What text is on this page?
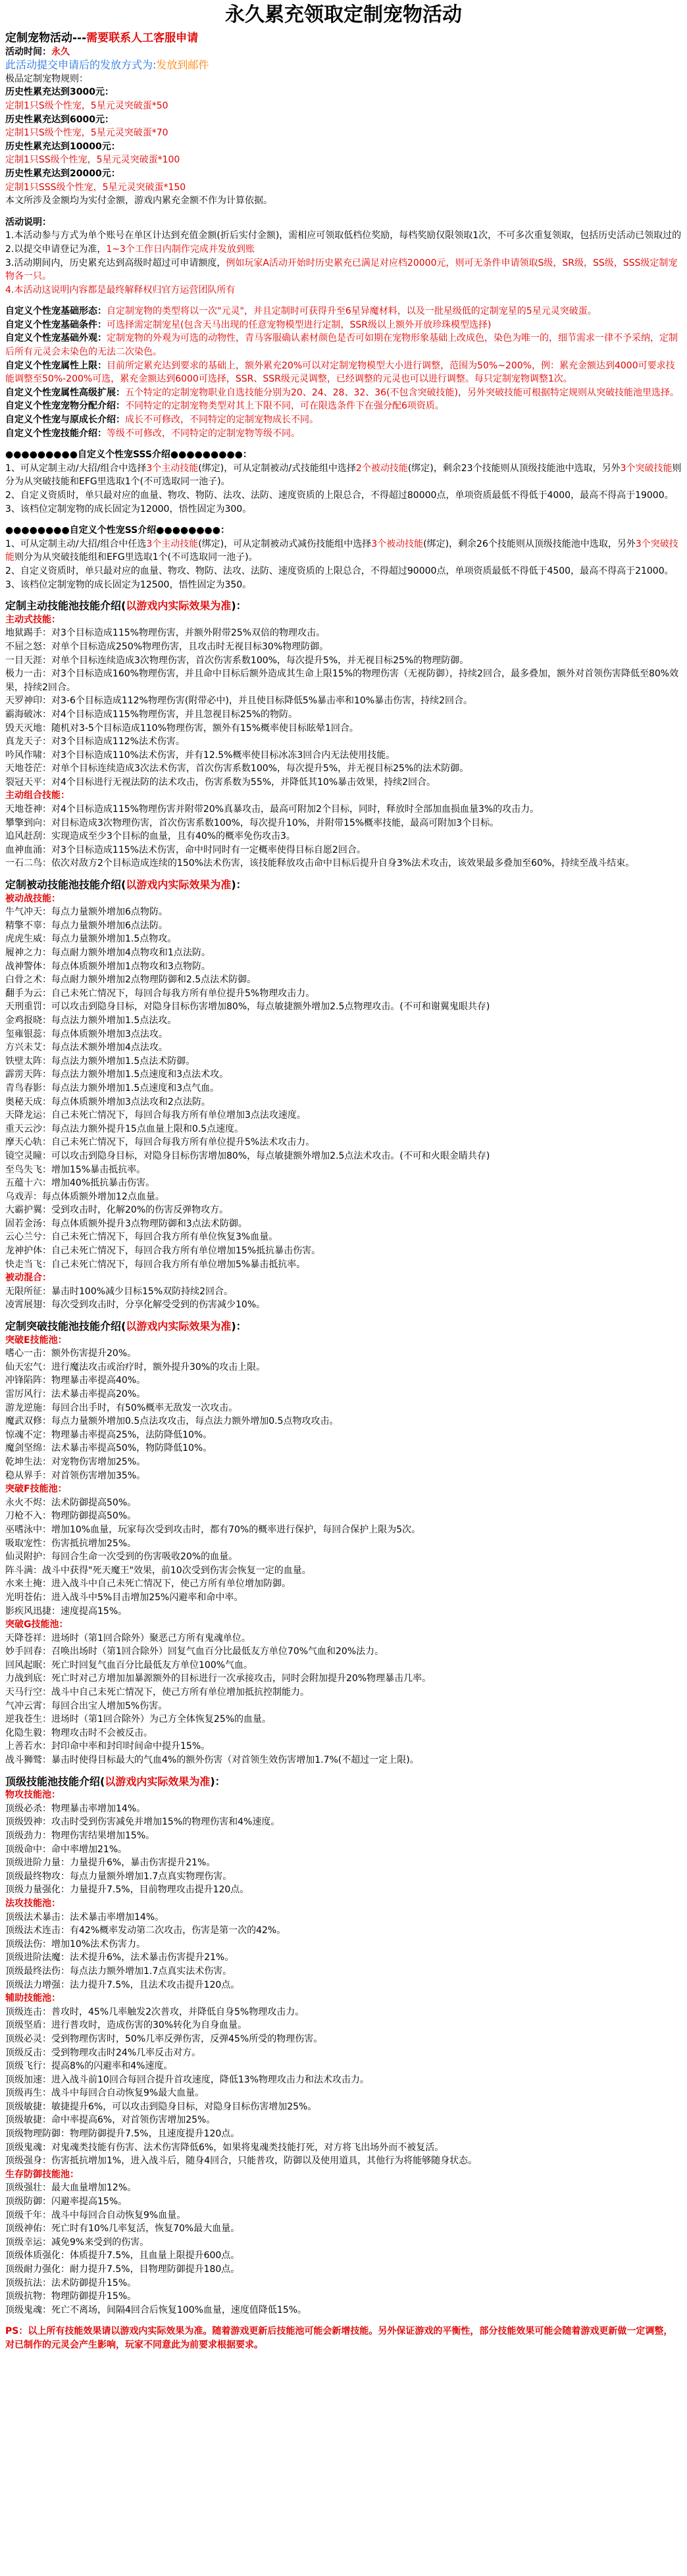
永久累充领取定制宠物活动
定制宠物活动---需要联系人工客服申请
活动时间：永久
此活动提交申请后的发放方式为:发放到邮件
极品定制宠物规则：
历史性累充达到3000元：
定制1只S级个性宠，5星元灵突破蛋*50
历史性累充达到6000元：
定制1只S级个性宠，5星元灵突破蛋*70
历史性累充达到10000元：
定制1只SS级个性宠，5星元灵突破蛋*100
历史性累充达到20000元：
定制1只SSS级个性宠，5星元灵突破蛋*150
本文所涉及金额均为实付金额，游戏内累充金额不作为计算依据。
活动说明：
1.本活动参与方式为单个账号在单区计达到充值金额(折后实付金额)，需相应可领取低档位奖励，每档奖励仅限领取1次，不可多次重复领取，包括历史活动已领取过的
2.以提交申请登记为准，1~3个工作日内制作完成并发放到账
3.活动期间内，历史累充达到高级时超过可申请额度，例如玩家A活动开始时历史累充已满足对应档20000元，则可无条件申请领取S级，SR级，SS级，SSS级定制宠物各一只。
4.本活动这说明内容都是最终解释权归官方运营团队所有
自定义个性宠基础形态：自定制宠物的类型将以一次"元灵"，并且定制时可获得升至6星异魔材料，以及一批星级低的定制宠星的5星元灵突破蛋。
自定义个性宠基础条件：可选择需定制宠星(包含天马出现的任意宠物模型进行定制，SSR级以上额外开放珍珠模型选择)
自定义个性宠基础外观：定制宠物的外观为可选的动物性，青马客服确认素材颜色是否可如期在宠物形象基础上改成色，染色为唯一的，细节需求一律不予采纳，定制后所有元灵会未染色的无法二次染色。
自定义个性宠属性上限：目前所定累充达到要求的基础上，额外累充20%可以对定制宠物模型大小进行调整，范围为50%~200%，例：累充金额达到4000可要求技能调整至50%-200%可选，累充金额达到6000可选择，SSR、SSR级元灵调整，已经调整的元灵也可以进行调整。每只定制宠物调整1次。
自定义个性宠属性高级扩展：五个特定的定制宠物职业自选技能分别为20、24、28、32、36(不包含突破技能)，另外突破技能可根据特定规则从突破技能池里选择。
自定义个性宠宠物分配介绍：不同特定的定制宠物类型对其上下限不同，可在限选条件下在强分配6项资质。
自定义个性宠与原成长介绍：成长不可修改，不同特定的定制宠物成长不同。
自定义个性宠技能介绍：等级不可修改，不同特定的定制宠物等级不同。
●●●●●●●●●自定义个性宠SSS介绍●●●●●●●●●：
1、可从定制主动/大招/组合中选择3个主动技能(绑定)，可从定制被动/式技能组中选择2个被动技能(绑定)，剩余23个技能则从顶级技能池中选取，另外3个突破技能则分为从突破技能和EFG里选取1个(不可选取同一池子)。
2、自定义资质时，单只最对应的血量、物攻、物防、法攻、法防、速度资质的上限总合，不得超过80000点，单项资质最低不得低于4000，最高不得高于19000。
3、该档位定制宠物的成长固定为12000，悟性固定为300。
●●●●●●●●自定义个性宠SS介绍●●●●●●●●：
1、可从定制主动/大招/组合中任选3个主动技能(绑定)，可从定制被动式减伤技能组中选择3个被动技能(绑定)，剩余26个技能则从顶级技能池中选取，另外3个突破技能则分为从突破技能组和EFG里选取1个(不可选取同一池子)。
2、自定义资质时，单只最对应的血量、物攻、物防、法攻、法防、速度资质的上限总合，不得超过90000点，单项资质最低不得低于4500，最高不得高于21000。
3、该档位定制宠物的成长固定为12500，悟性固定为350。
定制主动技能池技能介绍(以游戏内实际效果为准)：
主动式技能：
地狱踢手：对3个目标造成115%物理伤害，并额外附带25%双倍的物理攻击。
不屈之怒：对单个目标造成250%物理伤害，且攻击时无视目标30%物理防御。
一目天涯：对单个目标连续造成3次物理伤害，首次伤害系数100%，每次提升5%，并无视目标25%的物理防御。
极力一击：对3个目标造成160%物理伤害，并且命中目标后额外造成其生命上限15%的物理伤害（无视防御），持续2回合，最多叠加，额外对首领伤害降低至80%效果，持续2回合。
天罗神印：对3-6个目标造成112%物理伤害(附带必中)，并且使目标降低5%暴击率和10%暴击伤害，持续2回合。
霸海破冰：对4个目标造成115%物理伤害，并且忽视目标25%的物防。
毁天灭地：随机对3-5个目标造成110%物理伤害，额外有15%概率使目标眩晕1回合。
真龙天子：对3个目标造成112%法术伤害。
吟风作啸：对3个目标造成110%法术伤害，并有12.5%概率使目标冰冻3回合内无法使用技能。
天地苍茫：对单个目标连续造成3次法术伤害，首次伤害系数100%，每次提升5%，并无视目标25%的法术防御。
裂冠天平：对4个目标进行无视法防的法术攻击，伤害系数为55%，并降低其10%暴击效果，持续2回合。
主动组合技能：
天地苍神：对4个目标造成115%物理伤害并附带20%真暴攻击，最高可附加2个目标，同时，释放时全部加血损血量3%的攻击力。
攀擎到向：对目标造成3次物理伤害，首次伤害系数100%，每次提升10%，并附带15%概率技能，最高可附加3个目标。
追风赶刮：实现造成至少3个目标的血量，且有40%的概率免伤攻击3。
血神血涌：对3个目标造成115%法术伤害，命中时同时有一定概率使得目标自愿2回合。
一石二鸟：依次对敌方2个目标造成连续的150%法术伤害，该技能释放攻击命中目标后提升自身3%法术攻击，该效果最多叠加至60%，持续至战斗结束。
定制被动技能池技能介绍(以游戏内实际效果为准)：
被动战技能：
牛气冲天：每点力量额外增加6点物防。
精擎不辜：每点力量额外增加6点法防。
虎虎生威：每点力量额外增加1.5点物攻。
履神之力：每点耐力额外增加4点物攻和1点法防。
战神警体：每点体质额外增加1点物攻和3点物防。
白骨之术：每点耐力额外增加2点物理防御和2.5点法术防御。
翻手为云：自己未死亡情况下，每回合每我方所有单位提升5%物理攻击力。
天刑重罚：可以攻击到隐身目标，对隐身目标伤害增加80%，每点敏捷额外增加2.5点物理攻击。(不可和谢翼鬼眼共存)
金鸡报晓：每点法力额外增加1.5点法攻。
玺雍银蕊：每点体质额外增加3点法攻。
方兴未艾：每点法术额外增加4点法攻。
铁壁太阵：每点法力额外增加1.5点法术防御。
霹雳天阵：每点法力额外增加1.5点速度和3点法术攻。
青鸟春影：每点法力额外增加1.5点速度和3点气血。
奥秘天成：每点体质额外增加3点法攻和2点法防。
天降龙运：自己未死亡情况下，每回合每我方所有单位增加3点法攻速度。
重天云沙：每点法力额外提升15点血量上限和0.5点速度。
摩天心轨：自己未死亡情况下，每回合每我方所有单位提升5%法术攻击力。
镜空灵瞳：可以攻击到隐身目标，对隐身目标伤害增加80%，每点敏捷额外增加2.5点法术攻击。(不可和火眼金睛共存)
至鸟失飞：增加15%暴击抵抗率。
五蕴十六：增加40%抵抗暴击伤害。
乌戏弄：每点体质额外增加12点血量。
大霸护翼：受到攻击时，化解20%的伤害反弹物攻方。
固若金汤：每点体质额外提升3点物理防御和3点法术防御。
云心兰兮：自己未死亡情况下，每回合我方所有单位恢复3%血量。
龙神护体：自己未死亡情况下，每回合我方所有单位增加15%抵抗暴击伤害。
快走当飞：自己未死亡情况下，每回合我方所有单位增加5%暴击抵抗率。
被动混合：
无限所征：暴击时100%减少目标15%双防持续2回合。
凌霄展翅：每次受到攻击时，分享化解受受到的伤害减少10%。
定制突破技能池技能介绍(以游戏内实际效果为准)：
突破E技能池：
嗜心一击：额外伤害提升20%。
仙天宏气：进行魔法攻击或治疗时，额外提升30%的攻击上限。
冲锋陷阵：物理暴击率提高40%。
雷厉风行：法术暴击率提高20%。
游龙逆施：每回合出手时，有50%概率无敌发一次攻击。
魔武双修：每点力量额外增加0.5点法攻攻击，每点法力额外增加0.5点物攻攻击。
惊魂不定：物理暴击率提高25%，法防降低10%。
魔剑坚绵：法术暴击率提高50%，物防降低10%。
乾坤生法：对宠物伤害增加25%。
稳从界手：对首领伤害增加35%。
突破F技能池：
永火不烬：法术防御提高50%。
刀枪不入：物理防御提高50%。
巫嗜泳中：增加10%血量，玩家每次受到攻击时，都有70%的概率进行保护，每回合保护上限为5次。
吸取宠性：伤害抵抗增加25%。
仙灵附护：每回合生命一次受到的伤害吸收20%的血量。
阵斗满：战斗中获得"死天魔王"效果，前10次受到伤害会恢复一定的血量。
水来土掩：进入战斗中自己未死亡情况下，使己方所有单位增加防御。
光明苍佑：进入战斗中5%目击增加25%闪避率和命中率。
影疾风迅捷：速度提高15%。
突破G技能池：
天降苍祥：进场时（第1回合除外）聚恶己方所有鬼魂单位。
妙手回春：召唤出场时（第1回合除外）回复气血百分比最低友方单位70%气血和20%法力。
回风起眠：死亡时回复气血百分比最低友方单位100%气血。
力战到底：死亡时对己方增加加暴源额外的目标进行一次承接攻击，同时会附加提升20%物理暴击几率。
天马行空：战斗中自己未死亡情况下，使己方所有单位增加抵抗控制能力。
气冲云霄：每回合出宝人增加5%伤害。
逆我苍生：进场时（第1回合除外）为己方全体恢复25%的血量。
化隐生毅：物理攻击时不会被反击。
上善若水：封印命中率和封印时间命中提升15%。
战斗狮鹫：暴击时使得目标最大的气血4%的额外伤害（对首领生效伤害增加1.7%(不超过一定上限)。
顶级技能池技能介绍(以游戏内实际效果为准)：
物攻技能池：
顶级必杀：物理暴击率增加14%。
顶级毁神：攻击时受到伤害减免并增加15%的物理伤害和4%速度。
顶级劲力：物理伤害结果增加15%。
顶级命中：命中率增加21%。
顶级进阶力量：力量提升6%，暴击伤害提升21%。
顶级最终物攻：每点力量额外增加1.7点真实物理伤害。
顶级力量强化：力量提升7.5%，目前物理攻击提升120点。
法攻技能池：
顶级法术暴击：法术暴击率增加14%。
顶级法术连击：有42%概率发动第二次攻击，伤害是第一次的42%。
顶级法伤：增加10%法术伤害力。
顶级进阶法魔：法术提升6%，法术暴击伤害提升21%。
顶级最终法伤：每点法力额外增加1.7点真实法术伤害。
顶级法力增强：法力提升7.5%，且法术攻击提升120点。
辅助技能池：
顶级连击：普攻时，45%几率触发2次普攻，并降低自身5%物理攻击力。
顶级坚盾：进行普攻时，造成伤害的30%转化为自身血量。
顶级必灵：受到物理伤害时，50%几率反弹伤害，反弹45%所受的物理伤害。
顶级反击：受到物理攻击时24%几率反击对方。
顶级飞行：提高8%的闪避率和4%速度。
顶级加速：进入战斗前10回合每回合提升首攻速度，降低13%物理攻击力和法术攻击力。
顶级再生：战斗中每回合自动恢复9%最大血量。
顶级敏捷：敏捷提升6%，可以攻击到隐身目标，对隐身目标伤害增加25%。
顶级敏捷：命中率提高6%，对首领伤害增加25%。
顶级物理防御：物理防御提升7.5%，且速度提升120点。
顶级鬼魂：对鬼魂类技能有伤害、法术伤害降低6%，如果将鬼魂类技能打死，对方将飞出场外而不被复活。
顶级强身：伤害抵抗增加1%，进入战斗后，随身4回合，只能普攻，防御以及使用道具，其他行为将能够随身状态。
生存防御技能池：
顶级强壮：最大血量增加12%。
顶级防御：闪避率提高15%。
顶级千年：战斗中每回合自动恢复9%血量。
顶级神佑：死亡时有10%几率复活，恢复70%最大血量。
顶级幸运：减免9%来受到的伤害。
顶级体质强化：体质提升7.5%，且血量上限提升600点。
顶级耐力强化：耐力提升7.5%，目物理防御提升180点。
顶级抗法：法术防御提升15%。
顶级抗物：物理防御提升15%。
顶级鬼魂：死亡不离场，间隔4回合后恢复100%血量，速度值降低15%。
PS：以上所有技能效果请以游戏内实际效果为准。随着游戏更新后技能池可能会新增技能。另外保证游戏的平衡性，部分技能效果可能会随着游戏更新做一定调整，对已制作的元灵会产生影响，玩家不同意此为前要求根据要求。
